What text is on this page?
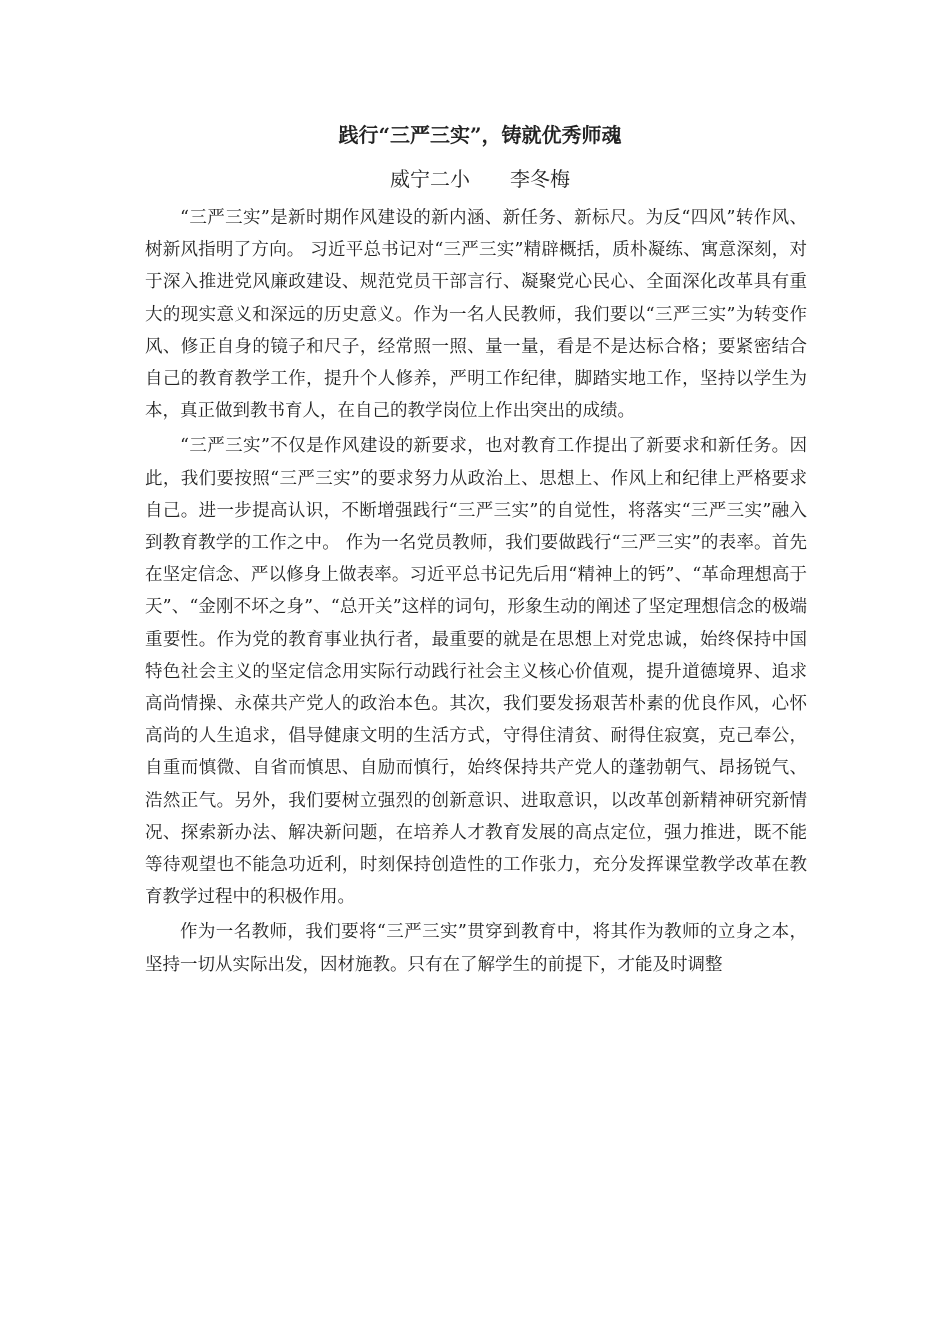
践行“三严三实”，铸就优秀师魂
威宁二小 李冬梅

“三严三实”是新时期作风建设的新内涵、新任务、新标尺。为反“四风”转作风、树新风指明了方向。 习近平总书记对“三严三实”精辟概括，质朴凝练、寓意深刻，对于深入推进党风廉政建设、规范党员干部言行、凝聚党心民心、全面深化改革具有重大的现实意义和深远的历史意义。作为一名人民教师，我们要以“三严三实”为转变作风、修正自身的镜子和尺子，经常照一照、量一量，看是不是达标合格；要紧密结合自己的教育教学工作，提升个人修养，严明工作纪律，脚踏实地工作，坚持以学生为本，真正做到教书育人，在自己的教学岗位上作出突出的成绩。

“三严三实”不仅是作风建设的新要求，也对教育工作提出了新要求和新任务。因此，我们要按照“三严三实”的要求努力从政治上、思想上、作风上和纪律上严格要求自己。进一步提高认识，不断增强践行“三严三实”的自觉性，将落实“三严三实”融入到教育教学的工作之中。 作为一名党员教师，我们要做践行“三严三实”的表率。首先在坚定信念、严以修身上做表率。习近平总书记先后用“精神上的钙”、“革命理想高于天”、“金刚不坏之身”、“总开关”这样的词句，形象生动的阐述了坚定理想信念的极端重要性。作为党的教育事业执行者，最重要的就是在思想上对党忠诚，始终保持中国特色社会主义的坚定信念用实际行动践行社会主义核心价值观，提升道德境界、追求高尚情操、永葆共产党人的政治本色。其次，我们要发扬艰苦朴素的优良作风，心怀高尚的人生追求，倡导健康文明的生活方式，守得住清贫、耐得住寂寞，克己奉公，自重而慎微、自省而慎思、自励而慎行，始终保持共产党人的蓬勃朝气、昂扬锐气、浩然正气。另外，我们要树立强烈的创新意识、进取意识，以改革创新精神研究新情况、探索新办法、解决新问题，在培养人才教育发展的高点定位，强力推进，既不能等待观望也不能急功近利，时刻保持创造性的工作张力，充分发挥课堂教学改革在教育教学过程中的积极作用。

作为一名教师，我们要将“三严三实”贯穿到教育中，将其作为教师的立身之本，坚持一切从实际出发，因材施教。只有在了解学生的前提下，才能及时调整
